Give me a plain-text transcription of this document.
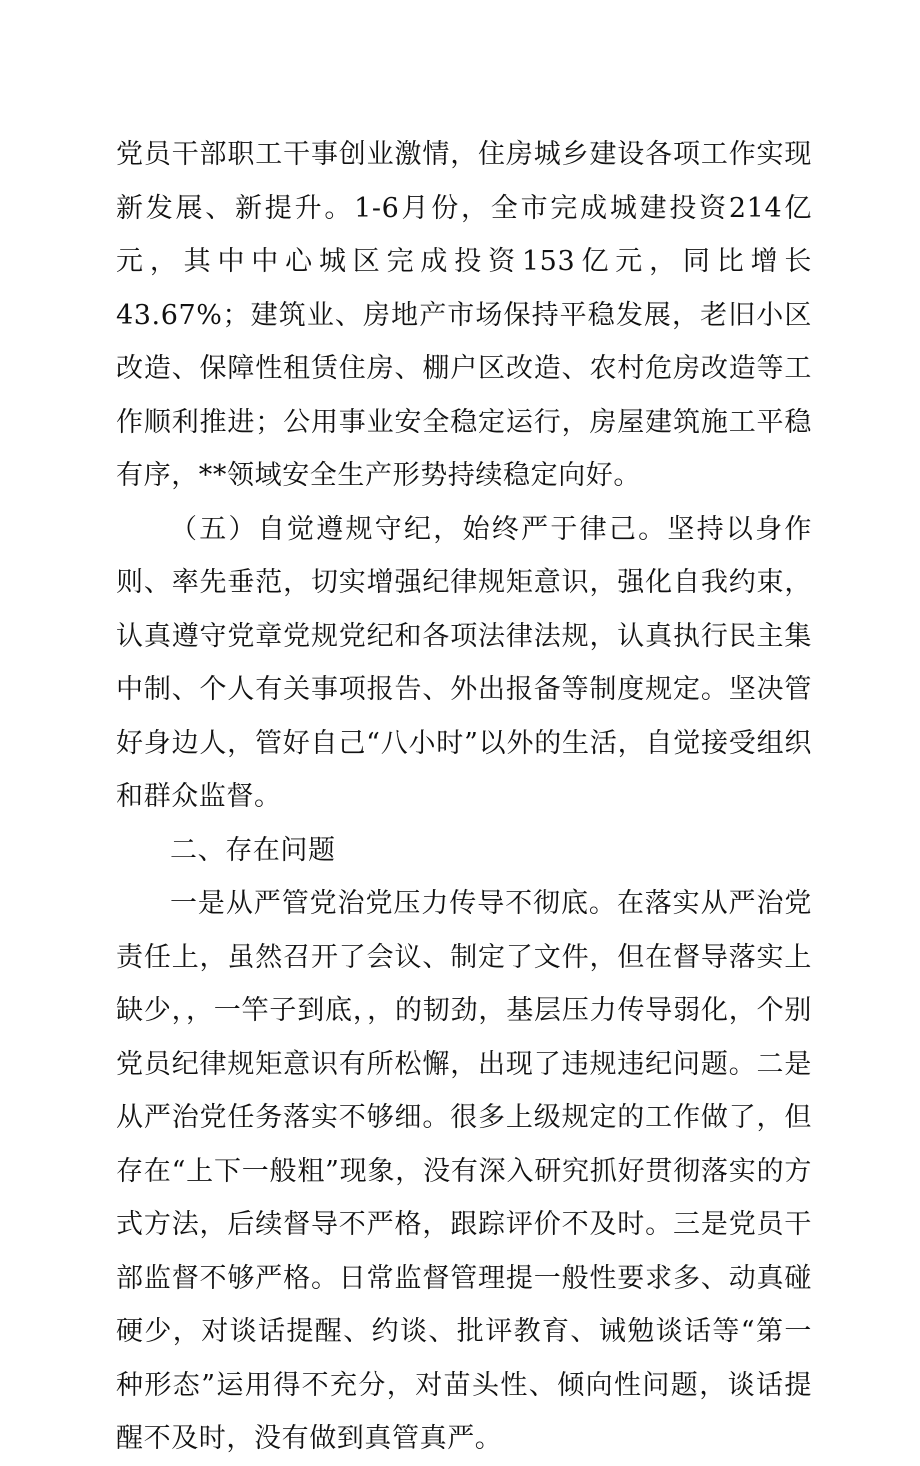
党员干部职工干事创业激情，住房城乡建设各项工作实现新发展、新提升。1-6月份，全市完成城建投资214亿元，其中中心城区完成投资153亿元，同比增长43.67%；建筑业、房地产市场保持平稳发展，老旧小区改造、保障性租赁住房、棚户区改造、农村危房改造等工作顺利推进；公用事业安全稳定运行，房屋建筑施工平稳有序，**领域安全生产形势持续稳定向好。

（五）自觉遵规守纪，始终严于律己。坚持以身作则、率先垂范，切实增强纪律规矩意识，强化自我约束，认真遵守党章党规党纪和各项法律法规，认真执行民主集中制、个人有关事项报告、外出报备等制度规定。坚决管好身边人，管好自己“八小时”以外的生活，自觉接受组织和群众监督。

二、存在问题

一是从严管党治党压力传导不彻底。在落实从严治党责任上，虽然召开了会议、制定了文件，但在督导落实上缺少，，一竿子到底，，的韧劲，基层压力传导弱化，个别党员纪律规矩意识有所松懈，出现了违规违纪问题。二是从严治党任务落实不够细。很多上级规定的工作做了，但存在“上下一般粗”现象，没有深入研究抓好贯彻落实的方式方法，后续督导不严格，跟踪评价不及时。三是党员干部监督不够严格。日常监督管理提一般性要求多、动真碰硬少，对谈话提醒、约谈、批评教育、诫勉谈话等“第一种形态”运用得不充分，对苗头性、倾向性问题，谈话提醒不及时，没有做到真管真严。
